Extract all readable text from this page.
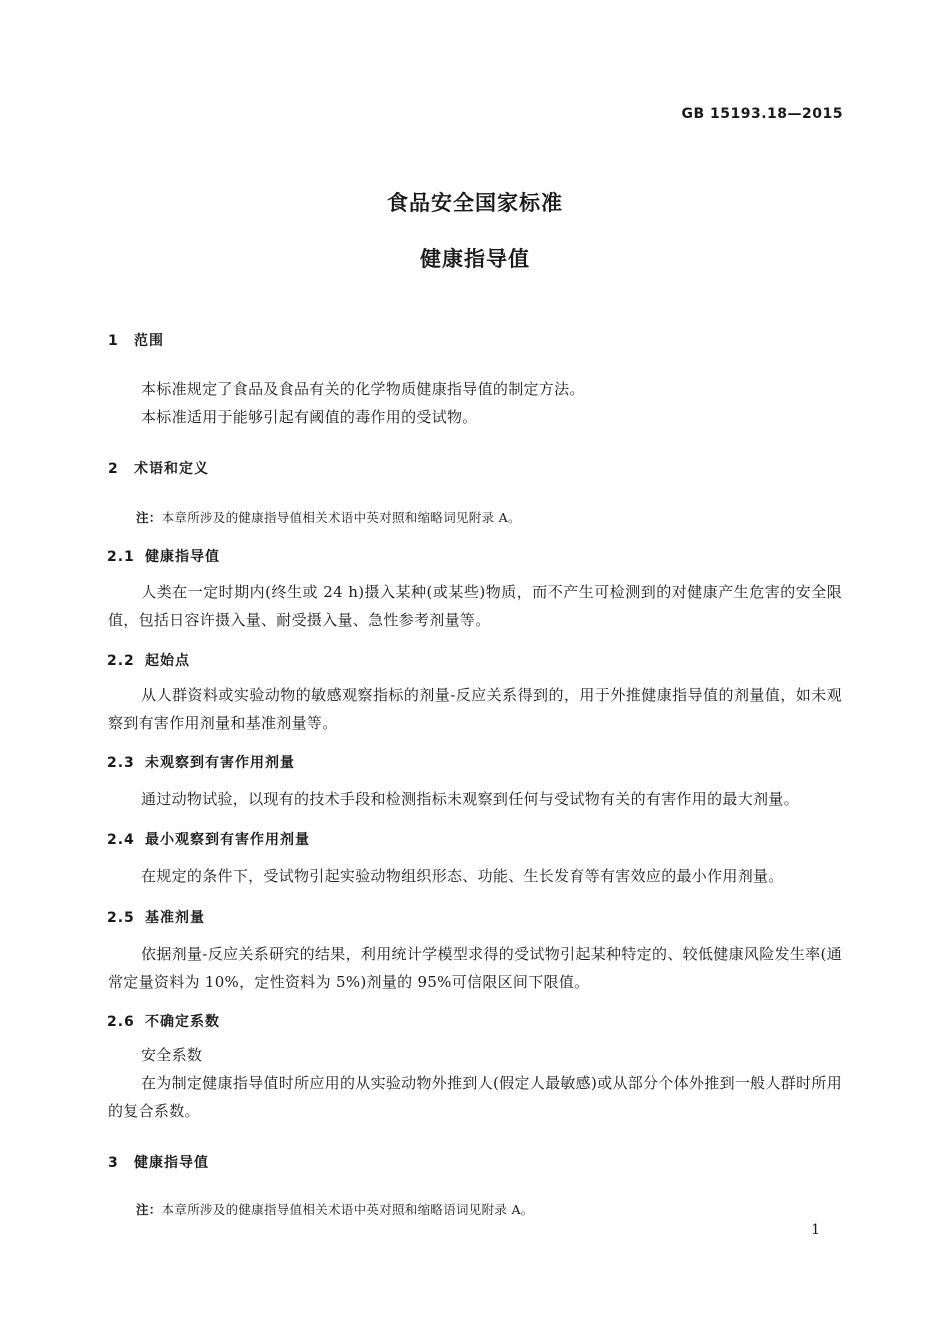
GB 15193.18—2015
食品安全国家标准
健康指导值
1 范围
本标准规定了食品及食品有关的化学物质健康指导值的制定方法。
本标准适用于能够引起有阈值的毒作用的受试物。
2 术语和定义
注：本章所涉及的健康指导值相关术语中英对照和缩略词见附录 A。
2.1 健康指导值
人类在一定时期内(终生或 24 h)摄入某种(或某些)物质，而不产生可检测到的对健康产生危害的安全限值，包括日容许摄入量、耐受摄入量、急性参考剂量等。
2.2 起始点
从人群资料或实验动物的敏感观察指标的剂量-反应关系得到的，用于外推健康指导值的剂量值，如未观察到有害作用剂量和基准剂量等。
2.3 未观察到有害作用剂量
通过动物试验，以现有的技术手段和检测指标未观察到任何与受试物有关的有害作用的最大剂量。
2.4 最小观察到有害作用剂量
在规定的条件下，受试物引起实验动物组织形态、功能、生长发育等有害效应的最小作用剂量。
2.5 基准剂量
依据剂量-反应关系研究的结果，利用统计学模型求得的受试物引起某种特定的、较低健康风险发生率(通常定量资料为 10%，定性资料为 5%)剂量的 95%可信限区间下限值。
2.6 不确定系数
安全系数
在为制定健康指导值时所应用的从实验动物外推到人(假定人最敏感)或从部分个体外推到一般人群时所用的复合系数。
3 健康指导值
注：本章所涉及的健康指导值相关术语中英对照和缩略语词见附录 A。
1
